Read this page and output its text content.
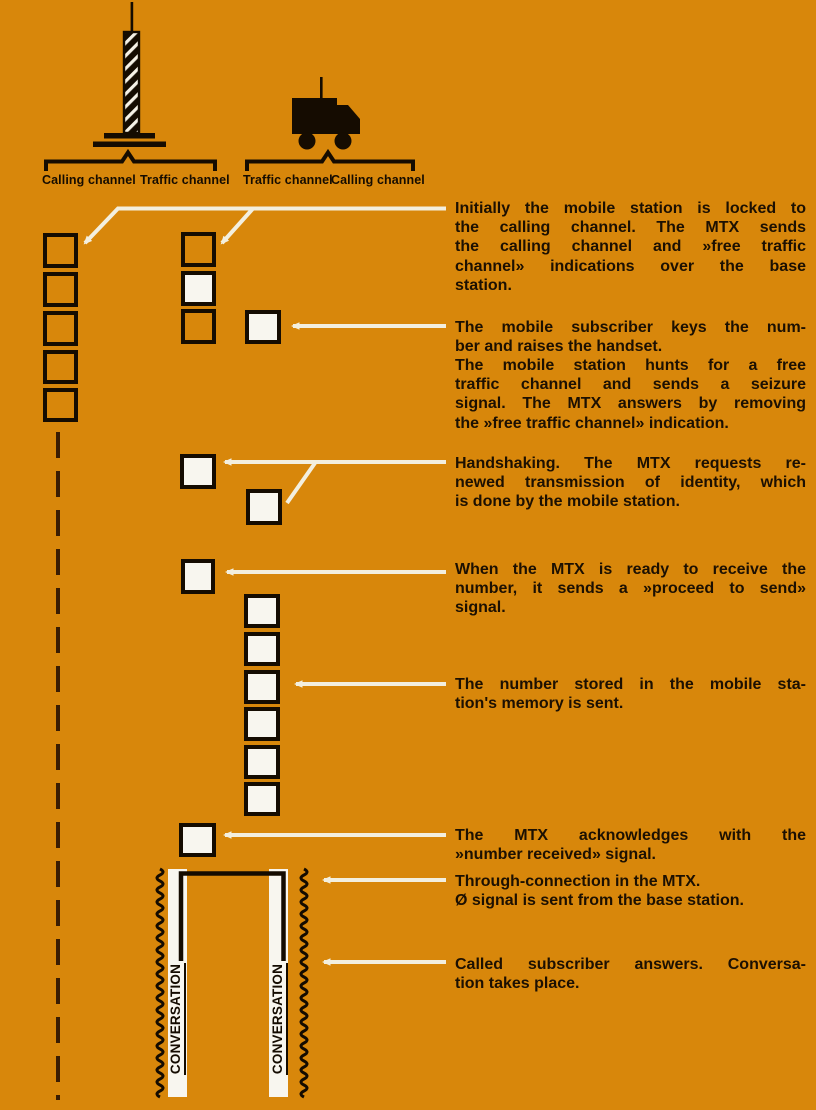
Calling channel Traffic channel Traffic channel
Calling channel
CONVERSATION	CONVERSATION
Initially the mobile station is locked to
the calling channel. The MTX sends
the calling channel and »free traffic
channel» indications over the base
station.
The mobile subscriber keys the num-
ber and raises the handset.
The mobile station hunts for a free
traffic channel and sends a seizure
signal. The MTX answers by removing
the »free traffic channel» indication.
Handshaking. The MTX requests re-
newed transmission of identity, which
is done by the mobile station.
When the MTX is ready to receive the
number, it sends a »proceed to send»
signal.
The number stored in the mobile sta-
tion's memory is sent.
The MTX acknowledges with the
»number received» signal.
Through-connection in the MTX.
Ø signal is sent from the base station.
Called subscriber answers. Conversa-
tion takes place.
